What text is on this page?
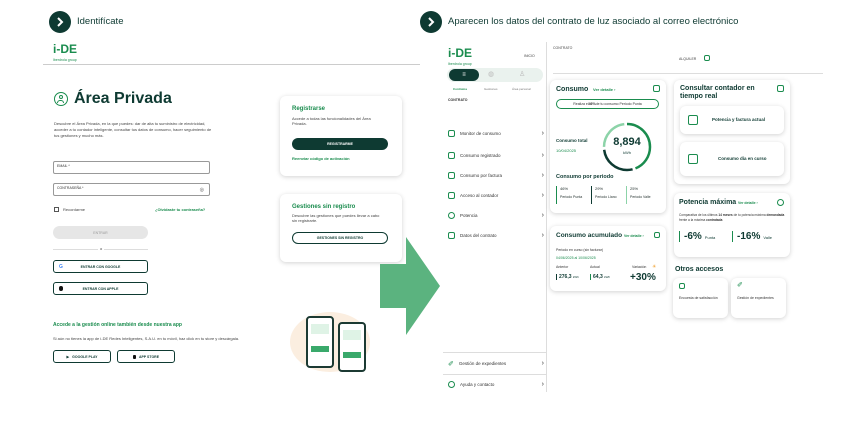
Identifícate	Aparecen los datos del contrato de luz asociado al correo electrónico
i-DE
Iberdrola group
Área Privada
Descubre el Área Privada, en la que puedes: dar de alta tu suministro de electricidad, acceder a tu contador inteligente, consultar tus datos de consumo, hacer seguimiento de tus gestiones y mucho más.
EMAIL *
CONTRASEÑA *	◎
Recordarme	¿Olvidaste tu contraseña?
ENTRAR
o
G	ENTRAR CON GOOGLE
ENTRAR CON APPLE
Accede a la gestión online también desde nuestra app
Si aún no tienes la app de i-DE Redes Inteligentes, S.A.U. en tu móvil, haz click en tu store y descárgala.
▶ GOOGLE PLAY	APP STORE
Registrarse
Accede a todas las funcionalidades del Área Privada.
REGISTRARME
Reenviar código de activación
Gestiones sin registro
Descubre las gestiones que puedes llevar a cabo sin registrarte.
GESTIONES SIN REGISTRO
i-DE
Iberdrola group
INICIO
CONTRATO
ALQUILER
≡	◍	♙
Contratos	Gestiones	Área personal
CONTRATO
Monitor de consumo	›
Consumo registrado	›
Consumo por factura	›
Acceso al contador	›
Potencia	›
Datos del contrato	›
✐ Gestión de expedientes	›
Ayuda y contacto	›
Consumo Ver detalle ›
Realiza el 46% de tu consumo Periodo Punta
Consumo total
10/04/2025
8,894
kWh
Consumo por periodo
46%
Periodo Punta
29%
Periodo Llano
25%
Periodo Valle
Consumo acumulado Ver detalle ›
Periodo en curso (sin facturar)
04/06/2025 al 10/06/2025
Anterior
276,3 kWh
Actual
64,3 kWh
Variación ☀
+30%
Consultar contador en tiempo real
Potencia y factura actual
Consumo día en curso
Potencia máxima Ver detalle ›
Comparativa de los últimos 14 meses de tu potencia máxima demandada frente a la máxima contratada
-6% Punta -16% Valle
Otros accesos
Encuesta de satisfacción
✐
Gestión de expedientes
